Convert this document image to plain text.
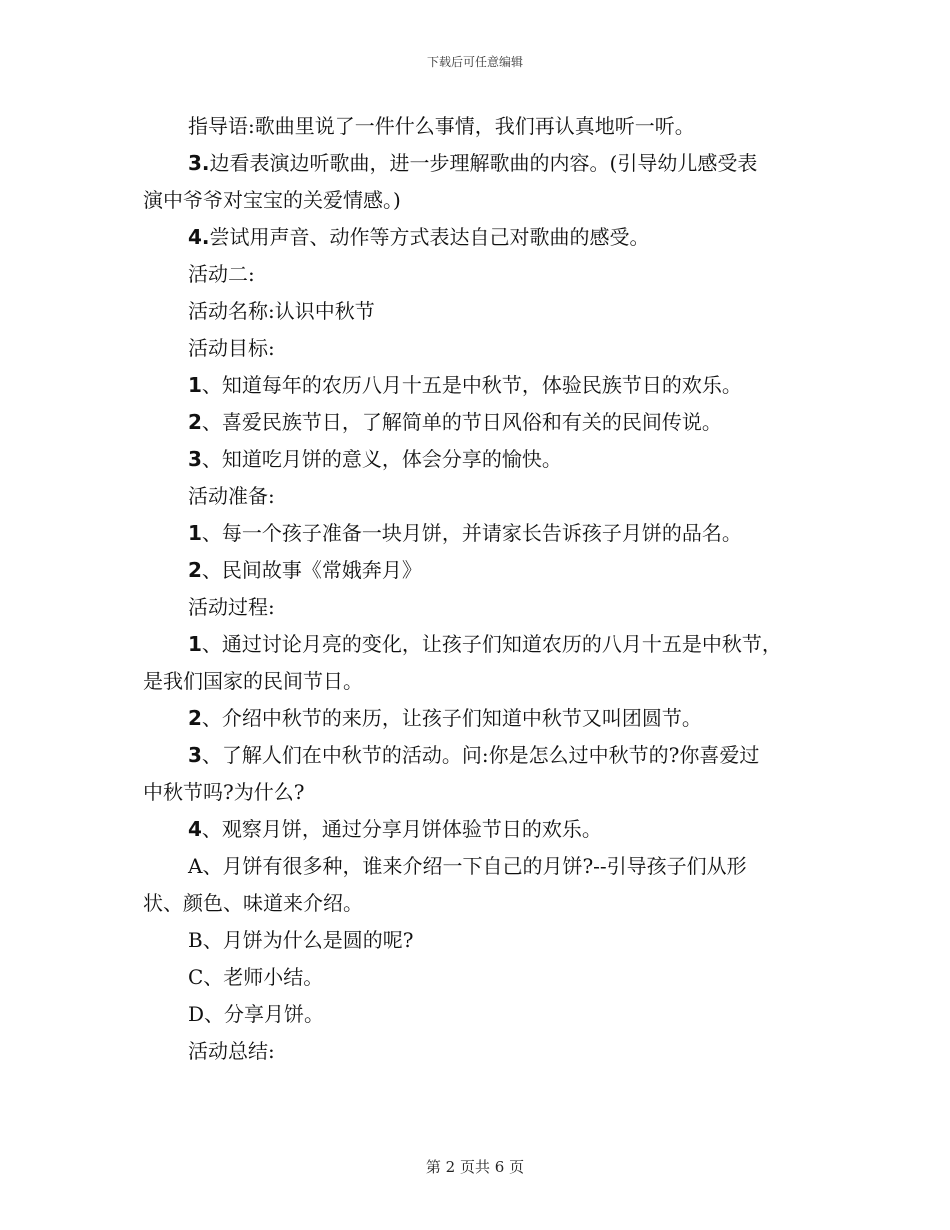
下载后可任意编辑
指导语:歌曲里说了一件什么事情，我们再认真地听一听。
3.边看表演边听歌曲，进一步理解歌曲的内容。(引导幼儿感受表
演中爷爷对宝宝的关爱情感。)
4.尝试用声音、动作等方式表达自己对歌曲的感受。
活动二:
活动名称:认识中秋节
活动目标:
1、知道每年的农历八月十五是中秋节，体验民族节日的欢乐。
2、喜爱民族节日，了解简单的节日风俗和有关的民间传说。
3、知道吃月饼的意义，体会分享的愉快。
活动准备:
1、每一个孩子准备一块月饼，并请家长告诉孩子月饼的品名。
2、民间故事《常娥奔月》
活动过程:
1、通过讨论月亮的变化，让孩子们知道农历的八月十五是中秋节，
是我们国家的民间节日。
2、介绍中秋节的来历，让孩子们知道中秋节又叫团圆节。
3、了解人们在中秋节的活动。问:你是怎么过中秋节的?你喜爱过
中秋节吗?为什么?
4、观察月饼，通过分享月饼体验节日的欢乐。
A、月饼有很多种，谁来介绍一下自己的月饼?--引导孩子们从形
状、颜色、味道来介绍。
B、月饼为什么是圆的呢?
C、老师小结。
D、分享月饼。
活动总结:
第 2 页共 6 页
